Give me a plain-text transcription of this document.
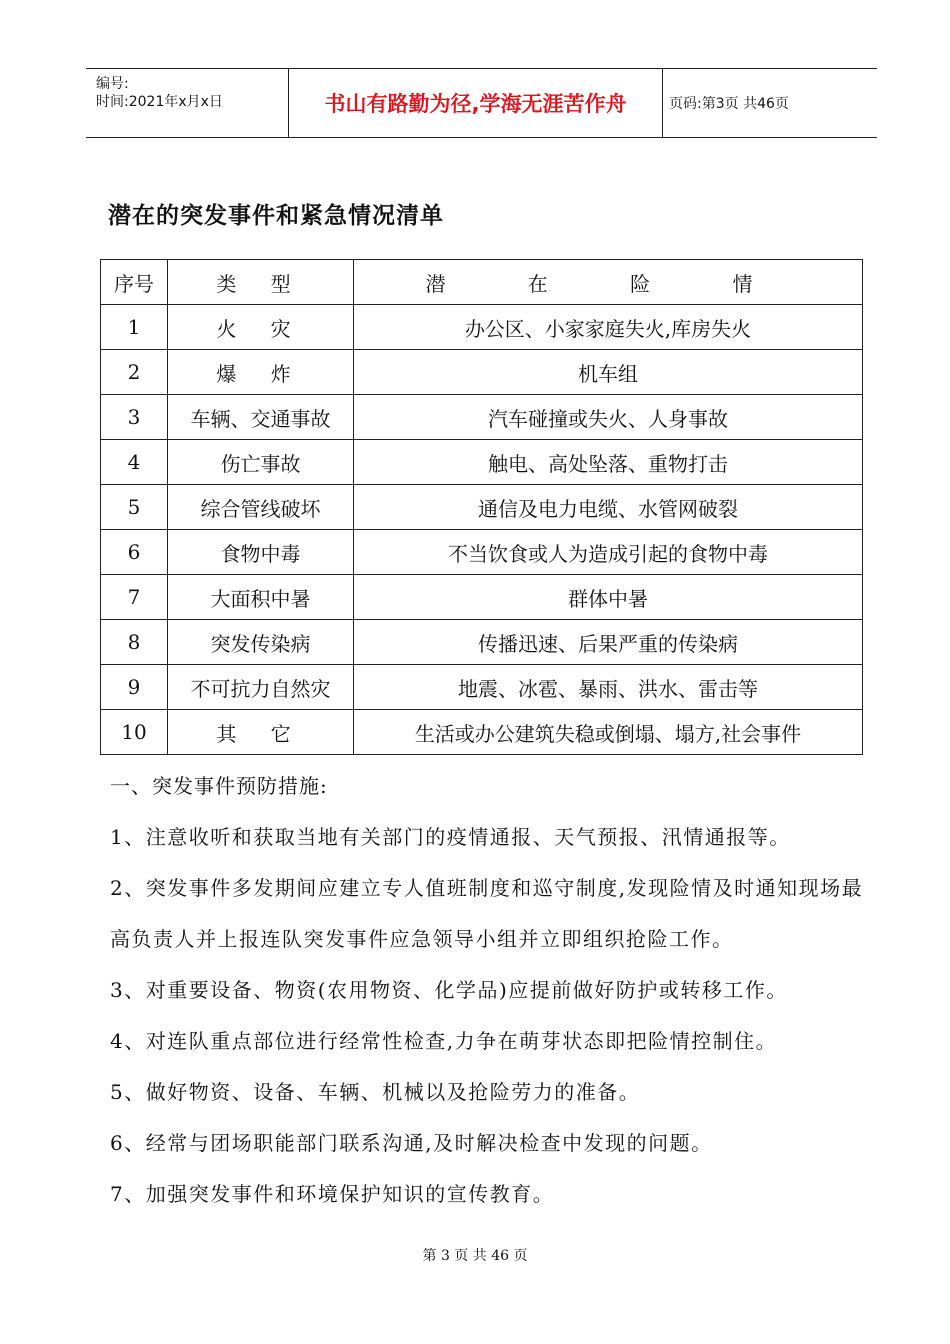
编号:
时间:2021年x月x日	书山有路勤为径,学海无涯苦作舟	页码:第3页 共46页
潜在的突发事件和紧急情况清单
序号	类 型	潜 在 险 情
1	火 灾	办公区、小家家庭失火,库房失火
2	爆 炸	机车组
3	车辆、交通事故	汽车碰撞或失火、人身事故
4	伤亡事故	触电、高处坠落、重物打击
5	综合管线破坏	通信及电力电缆、水管网破裂
6	食物中毒	不当饮食或人为造成引起的食物中毒
7	大面积中暑	群体中暑
8	突发传染病	传播迅速、后果严重的传染病
9	不可抗力自然灾	地震、冰雹、暴雨、洪水、雷击等
10	其 它	生活或办公建筑失稳或倒塌、塌方,社会事件
一、突发事件预防措施:

1、注意收听和获取当地有关部门的疫情通报、天气预报、汛情通报等。

2、突发事件多发期间应建立专人值班制度和巡守制度,发现险情及时通知现场最高负责人并上报连队突发事件应急领导小组并立即组织抢险工作。

3、对重要设备、物资(农用物资、化学品)应提前做好防护或转移工作。

4、对连队重点部位进行经常性检查,力争在萌芽状态即把险情控制住。

5、做好物资、设备、车辆、机械以及抢险劳力的准备。

6、经常与团场职能部门联系沟通,及时解决检查中发现的问题。

7、加强突发事件和环境保护知识的宣传教育。

第 3 页 共 46 页
